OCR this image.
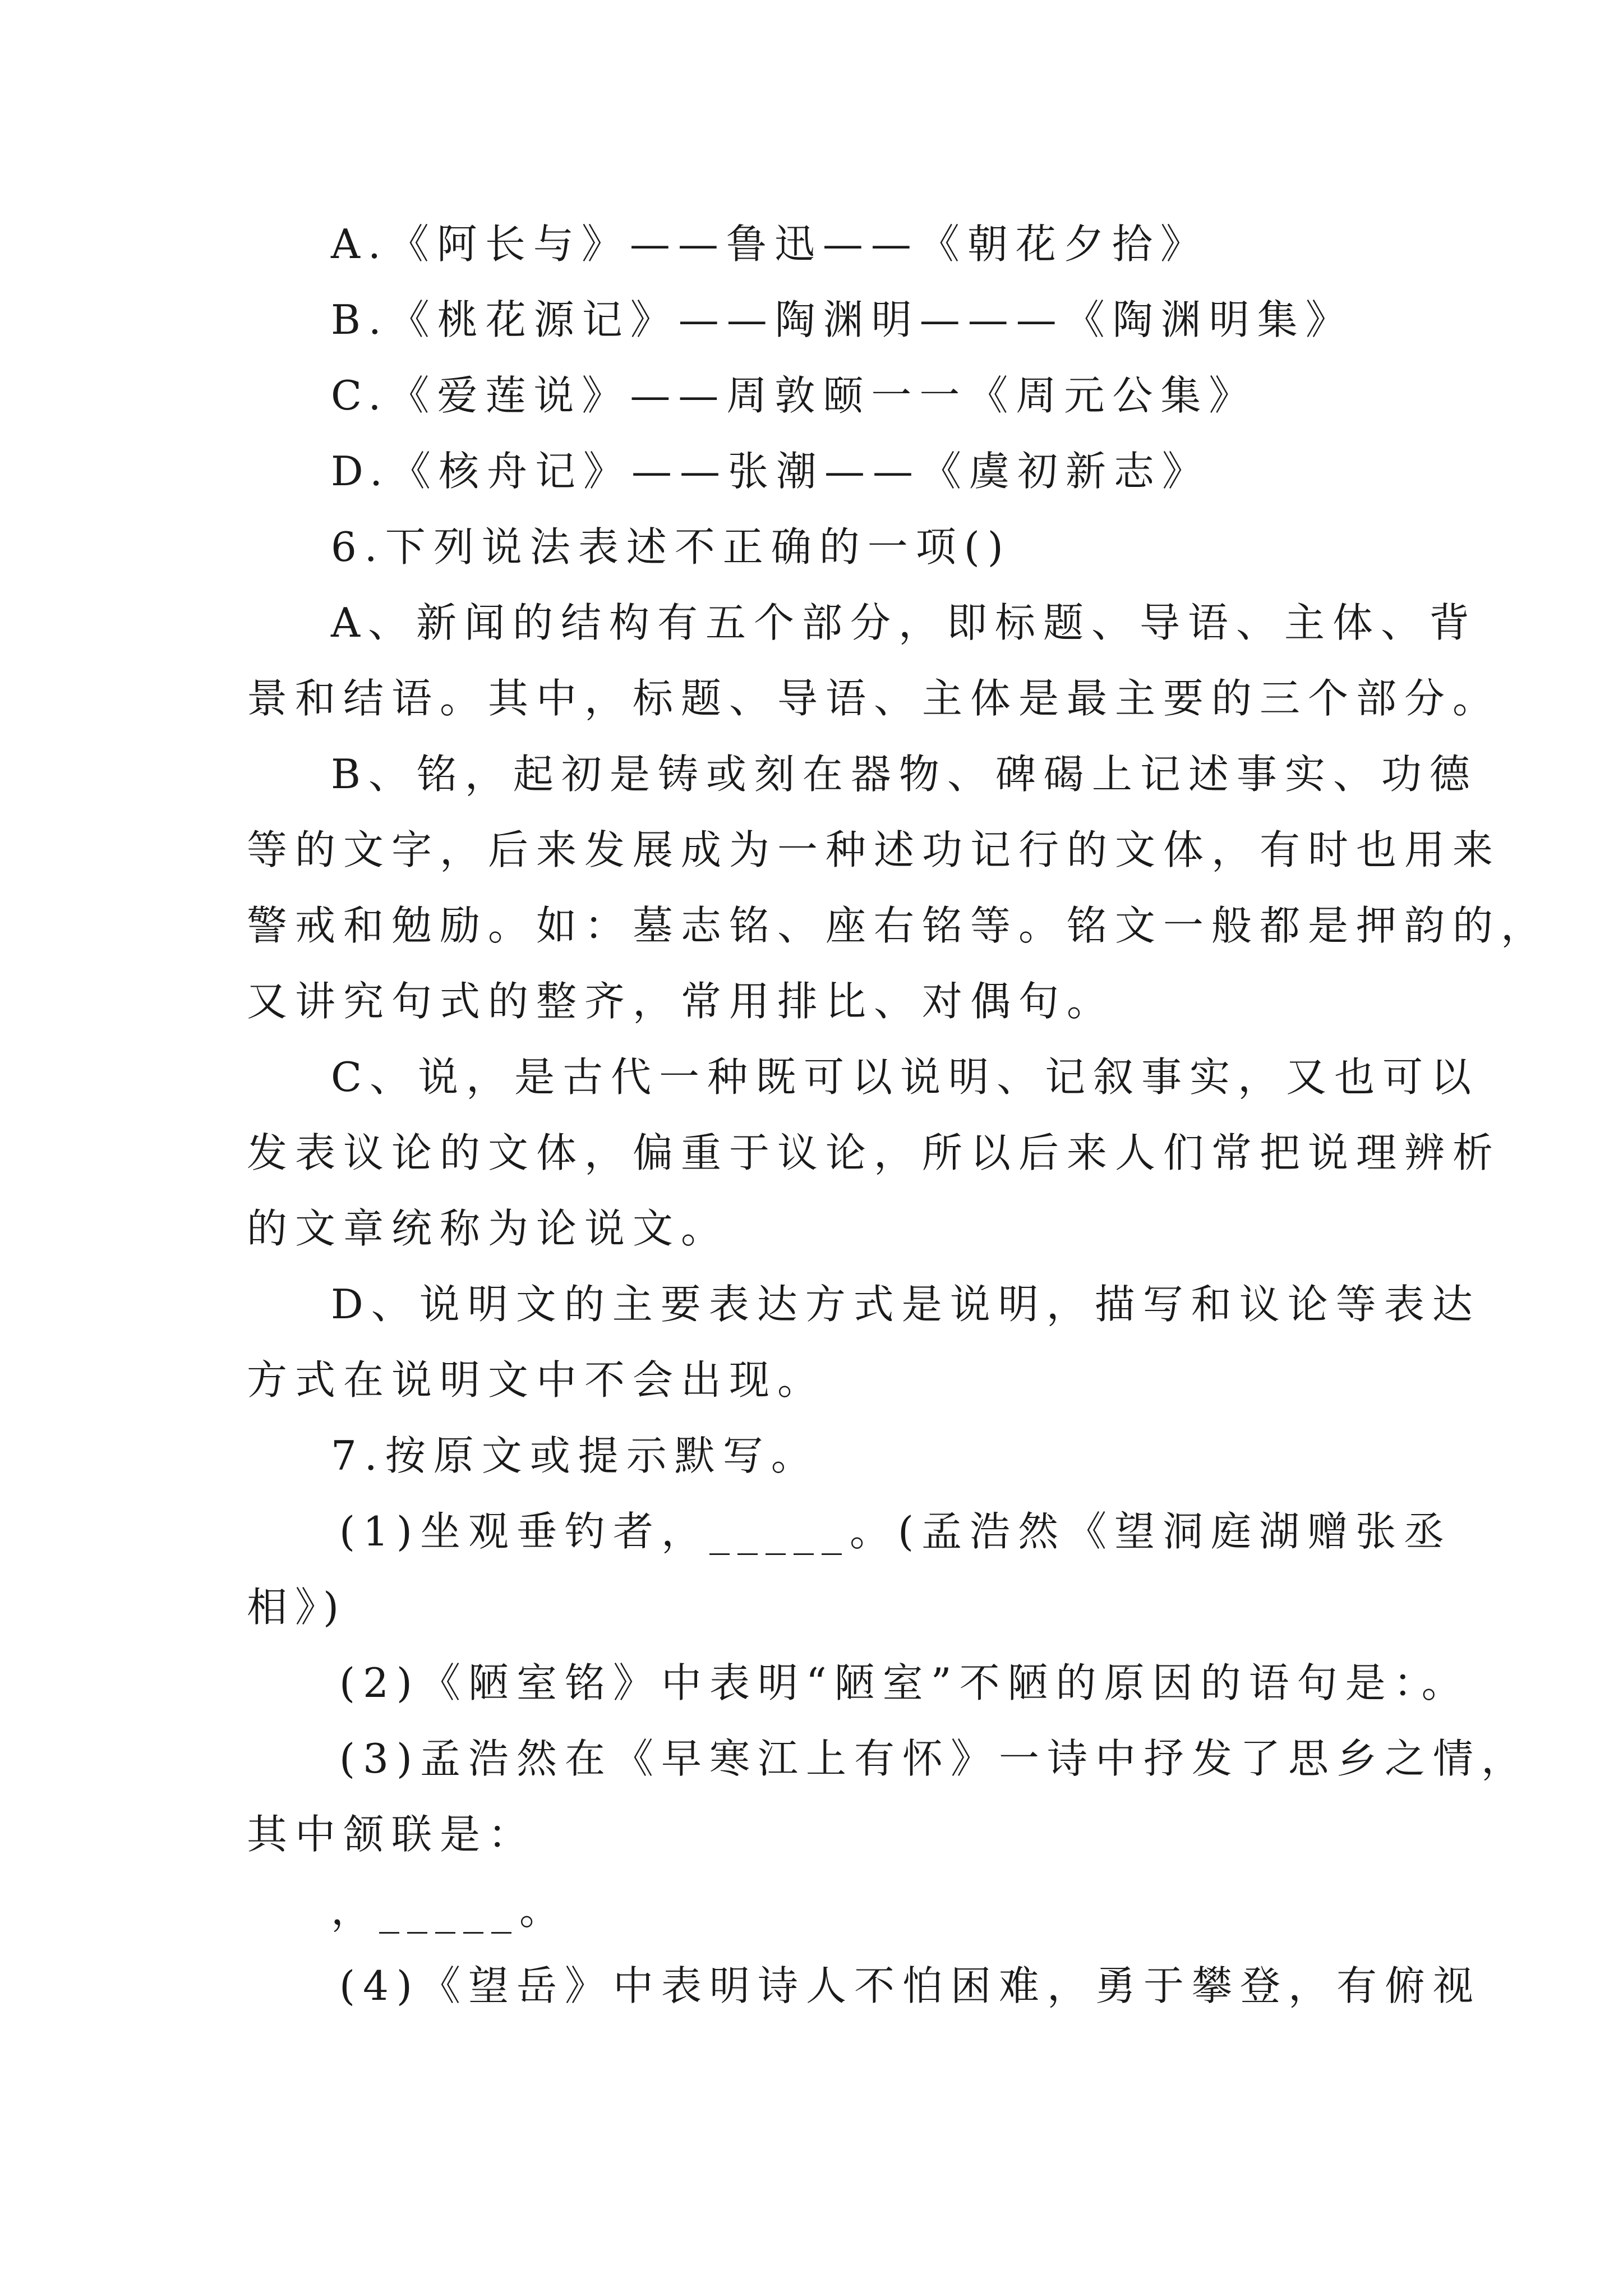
A.《阿长与》——鲁迅——《朝花夕拾》
B.《桃花源记》——陶渊明———《陶渊明集》
C.《爱莲说》——周敦颐一一《周元公集》
D.《核舟记》——张潮——《虞初新志》
6.下列说法表述不正确的一项()
A、新闻的结构有五个部分，即标题、导语、主体、背
景和结语。其中，标题、导语、主体是最主要的三个部分。
B、铭，起初是铸或刻在器物、碑碣上记述事实、功德
等的文字，后来发展成为一种述功记行的文体，有时也用来
警戒和勉励。如：墓志铭、座右铭等。铭文一般都是押韵的，
又讲究句式的整齐，常用排比、对偶句。
C、说，是古代一种既可以说明、记叙事实，又也可以
发表议论的文体，偏重于议论，所以后来人们常把说理辨析
的文章统称为论说文。
D、说明文的主要表达方式是说明，描写和议论等表达
方式在说明文中不会出现。
7.按原文或提示默写。
(1)坐观垂钓者，_____。(孟浩然《望洞庭湖赠张丞
相》)
(2)《陋室铭》中表明“陋室”不陋的原因的语句是：。
(3)孟浩然在《早寒江上有怀》一诗中抒发了思乡之情，
其中颔联是：
，_____。
(4)《望岳》中表明诗人不怕困难，勇于攀登，有俯视
